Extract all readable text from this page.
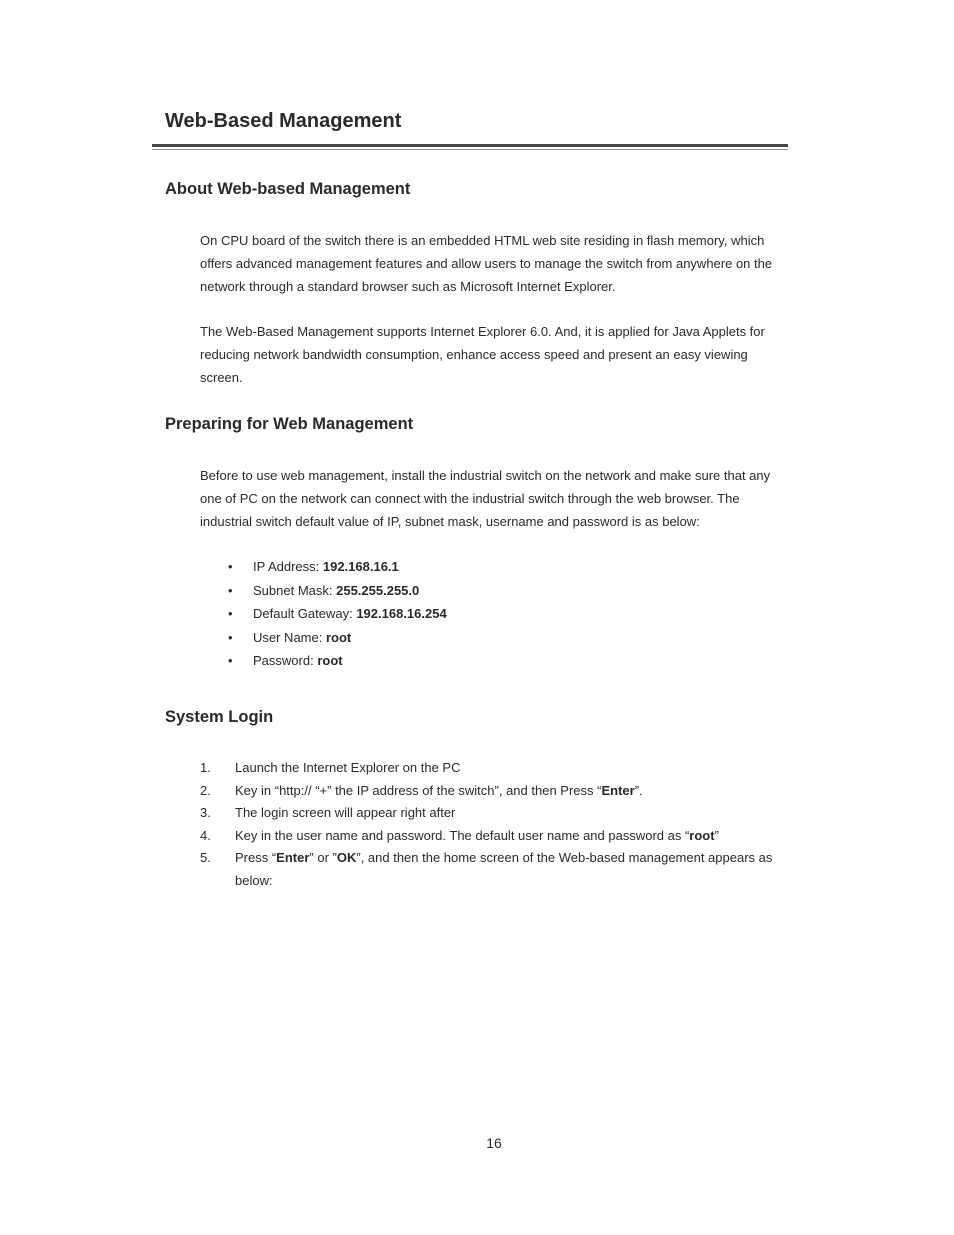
Web-Based Management
About Web-based Management

On CPU board of the switch there is an embedded HTML web site residing in flash memory, which offers advanced management features and allow users to manage the switch from anywhere on the network through a standard browser such as Microsoft Internet Explorer.

The Web-Based Management supports Internet Explorer 6.0. And, it is applied for Java Applets for reducing network bandwidth consumption, enhance access speed and present an easy viewing screen.

Preparing for Web Management

Before to use web management, install the industrial switch on the network and make sure that any one of PC on the network can connect with the industrial switch through the web browser. The industrial switch default value of IP, subnet mask, username and password is as below:

• IP Address: 192.168.16.1
• Subnet Mask: 255.255.255.0
• Default Gateway: 192.168.16.254
• User Name: root
• Password: root
System Login
1. Launch the Internet Explorer on the PC
2. Key in “http:// “+” the IP address of the switch”, and then Press “Enter”.
3. The login screen will appear right after
4. Key in the user name and password. The default user name and password as “root”
5. Press “Enter” or ”OK”, and then the home screen of the Web-based management appears as below:
16
